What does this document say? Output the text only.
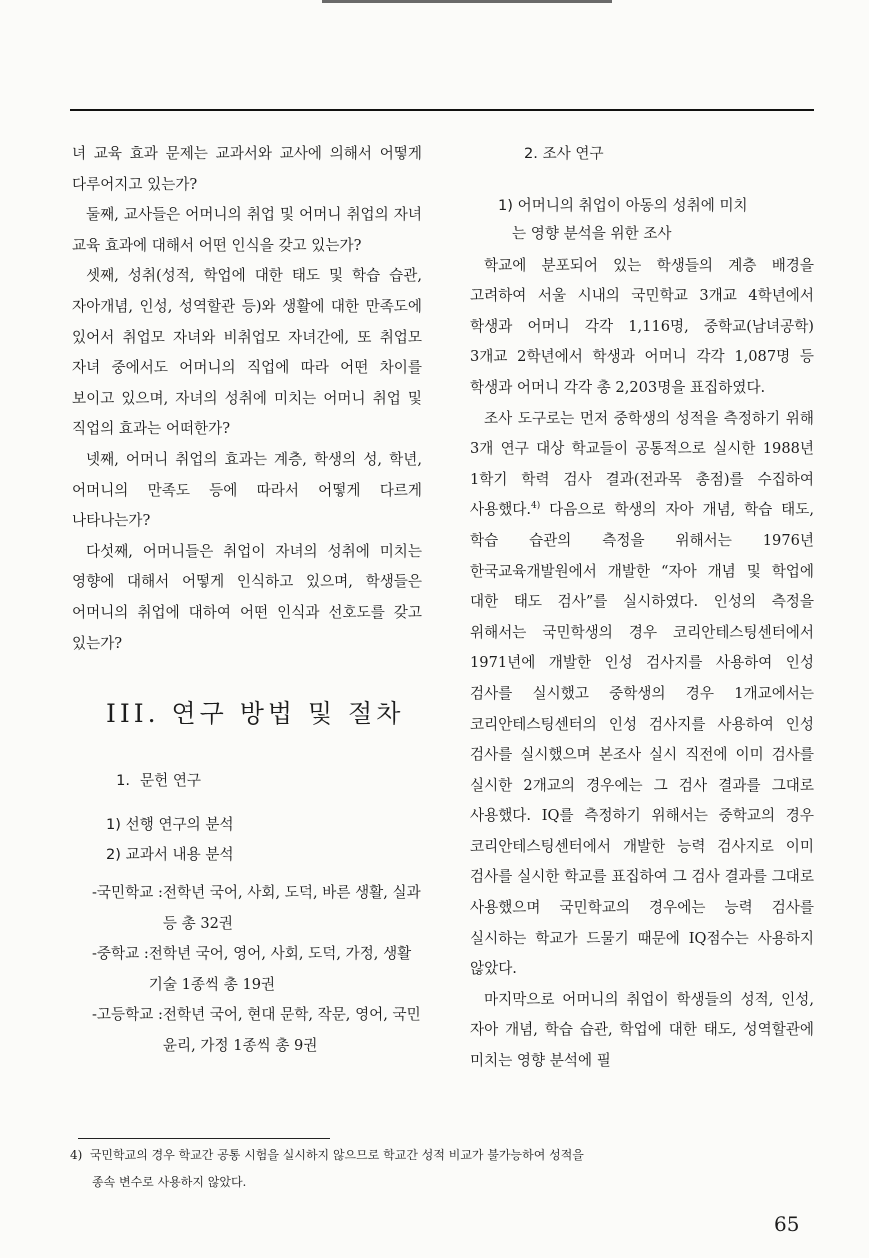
녀 교육 효과 문제는 교과서와 교사에 의해서 어떻게 다루어지고 있는가?

둘째, 교사들은 어머니의 취업 및 어머니 취업의 자녀 교육 효과에 대해서 어떤 인식을 갖고 있는가?

셋째, 성취(성적, 학업에 대한 태도 및 학습 습관, 자아개념, 인성, 성역할관 등)와 생활에 대한 만족도에 있어서 취업모 자녀와 비취업모 자녀간에, 또 취업모 자녀 중에서도 어머니의 직업에 따라 어떤 차이를 보이고 있으며, 자녀의 성취에 미치는 어머니 취업 및 직업의 효과는 어떠한가?

넷째, 어머니 취업의 효과는 계층, 학생의 성, 학년, 어머니의 만족도 등에 따라서 어떻게 다르게 나타나는가?

다섯째, 어머니들은 취업이 자녀의 성취에 미치는 영향에 대해서 어떻게 인식하고 있으며, 학생들은 어머니의 취업에 대하여 어떤 인식과 선호도를 갖고 있는가?

III. 연구 방법 및 절차
1. 문헌 연구
1) 선행 연구의 분석
2) 교과서 내용 분석
-국민학교 : 전학년 국어, 사회, 도덕, 바른 생활, 실과 등 총 32권
-중학교 : 전학년 국어, 영어, 사회, 도덕, 가정, 생활기술 1종씩 총 19권
-고등학교 : 전학년 국어, 현대 문학, 작문, 영어, 국민윤리, 가정 1종씩 총 9권
2. 조사 연구
1) 어머니의 취업이 아동의 성취에 미치
는 영향 분석을 위한 조사

학교에 분포되어 있는 학생들의 계층 배경을 고려하여 서울 시내의 국민학교 3개교 4학년에서 학생과 어머니 각각 1,116명, 중학교(남녀공학) 3개교 2학년에서 학생과 어머니 각각 1,087명 등 학생과 어머니 각각 총 2,203명을 표집하였다.

조사 도구로는 먼저 중학생의 성적을 측정하기 위해 3개 연구 대상 학교들이 공통적으로 실시한 1988년 1학기 학력 검사 결과(전과목 총점)를 수집하여 사용했다.$^{4)}$ 다음으로 학생의 자아 개념, 학습 태도, 학습 습관의 측정을 위해서는 1976년 한국교육개발원에서 개발한 “자아 개념 및 학업에 대한 태도 검사”를 실시하였다. 인성의 측정을 위해서는 국민학생의 경우 코리안테스팅센터에서 1971년에 개발한 인성 검사지를 사용하여 인성 검사를 실시했고 중학생의 경우 1개교에서는 코리안테스팅센터의 인성 검사지를 사용하여 인성 검사를 실시했으며 본조사 실시 직전에 이미 검사를 실시한 2개교의 경우에는 그 검사 결과를 그대로 사용했다. IQ를 측정하기 위해서는 중학교의 경우 코리안테스팅센터에서 개발한 능력 검사지로 이미 검사를 실시한 학교를 표집하여 그 검사 결과를 그대로 사용했으며 국민학교의 경우에는 능력 검사를 실시하는 학교가 드물기 때문에 IQ점수는 사용하지 않았다.

마지막으로 어머니의 취업이 학생들의 성적, 인성, 자아 개념, 학습 습관, 학업에 대한 태도, 성역할관에 미치는 영향 분석에 필

4) 국민학교의 경우 학교간 공통 시험을 실시하지 않으므로 학교간 성적 비교가 불가능하여 성적을
종속 변수로 사용하지 않았다.
65
